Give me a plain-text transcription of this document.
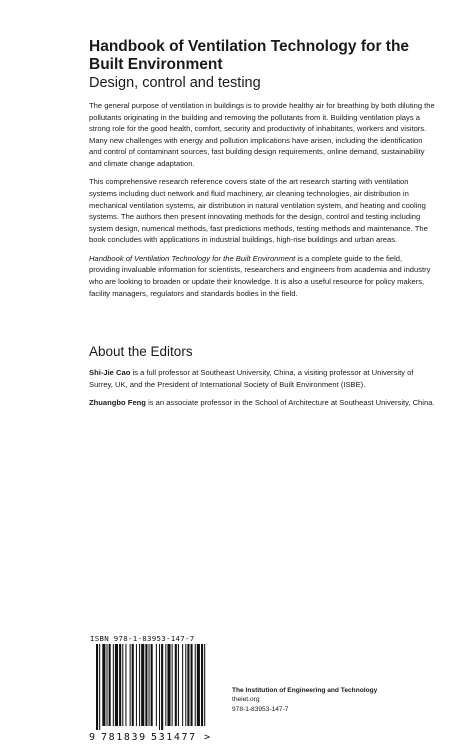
Handbook of Ventilation Technology for the Built Environment
Design, control and testing

The general purpose of ventilation in buildings is to provide healthy air for breathing by both diluting the pollutants originating in the building and removing the pollutants from it. Building ventilation plays a strong role for the good health, comfort, security and productivity of inhabitants, workers and visitors. Many new challenges with energy and pollution implications have arisen, including the identification and control of contaminant sources, fast building design requirements, online demand, sustainability and climate change adaptation.

This comprehensive research reference covers state of the art research starting with ventilation systems including duct network and fluid machinery, air cleaning technologies, air distribution in mechanical ventilation systems, air distribution in natural ventilation system, and heating and cooling systems. The authors then present innovating methods for the design, control and testing including system design, numerical methods, fast predictions methods, testing methods and maintenance. The book concludes with applications in industrial buildings, high-rise buildings and urban areas.

Handbook of Ventilation Technology for the Built Environment is a complete guide to the field, providing invaluable information for scientists, researchers and engineers from academia and industry who are looking to broaden or update their knowledge. It is also a useful resource for policy makers, facility managers, regulators and standards bodies in the field.

About the Editors

Shi-Jie Cao is a full professor at Southeast University, China, a visiting professor at University of Surrey, UK, and the President of International Society of Built Environment (ISBE).

Zhuangbo Feng is an associate professor in the School of Architecture at Southeast University, China.

ISBN 978-1-83953-147-7
9 781839 531477 >
The Institution of Engineering and Technology
theiet.org
978-1-83953-147-7
